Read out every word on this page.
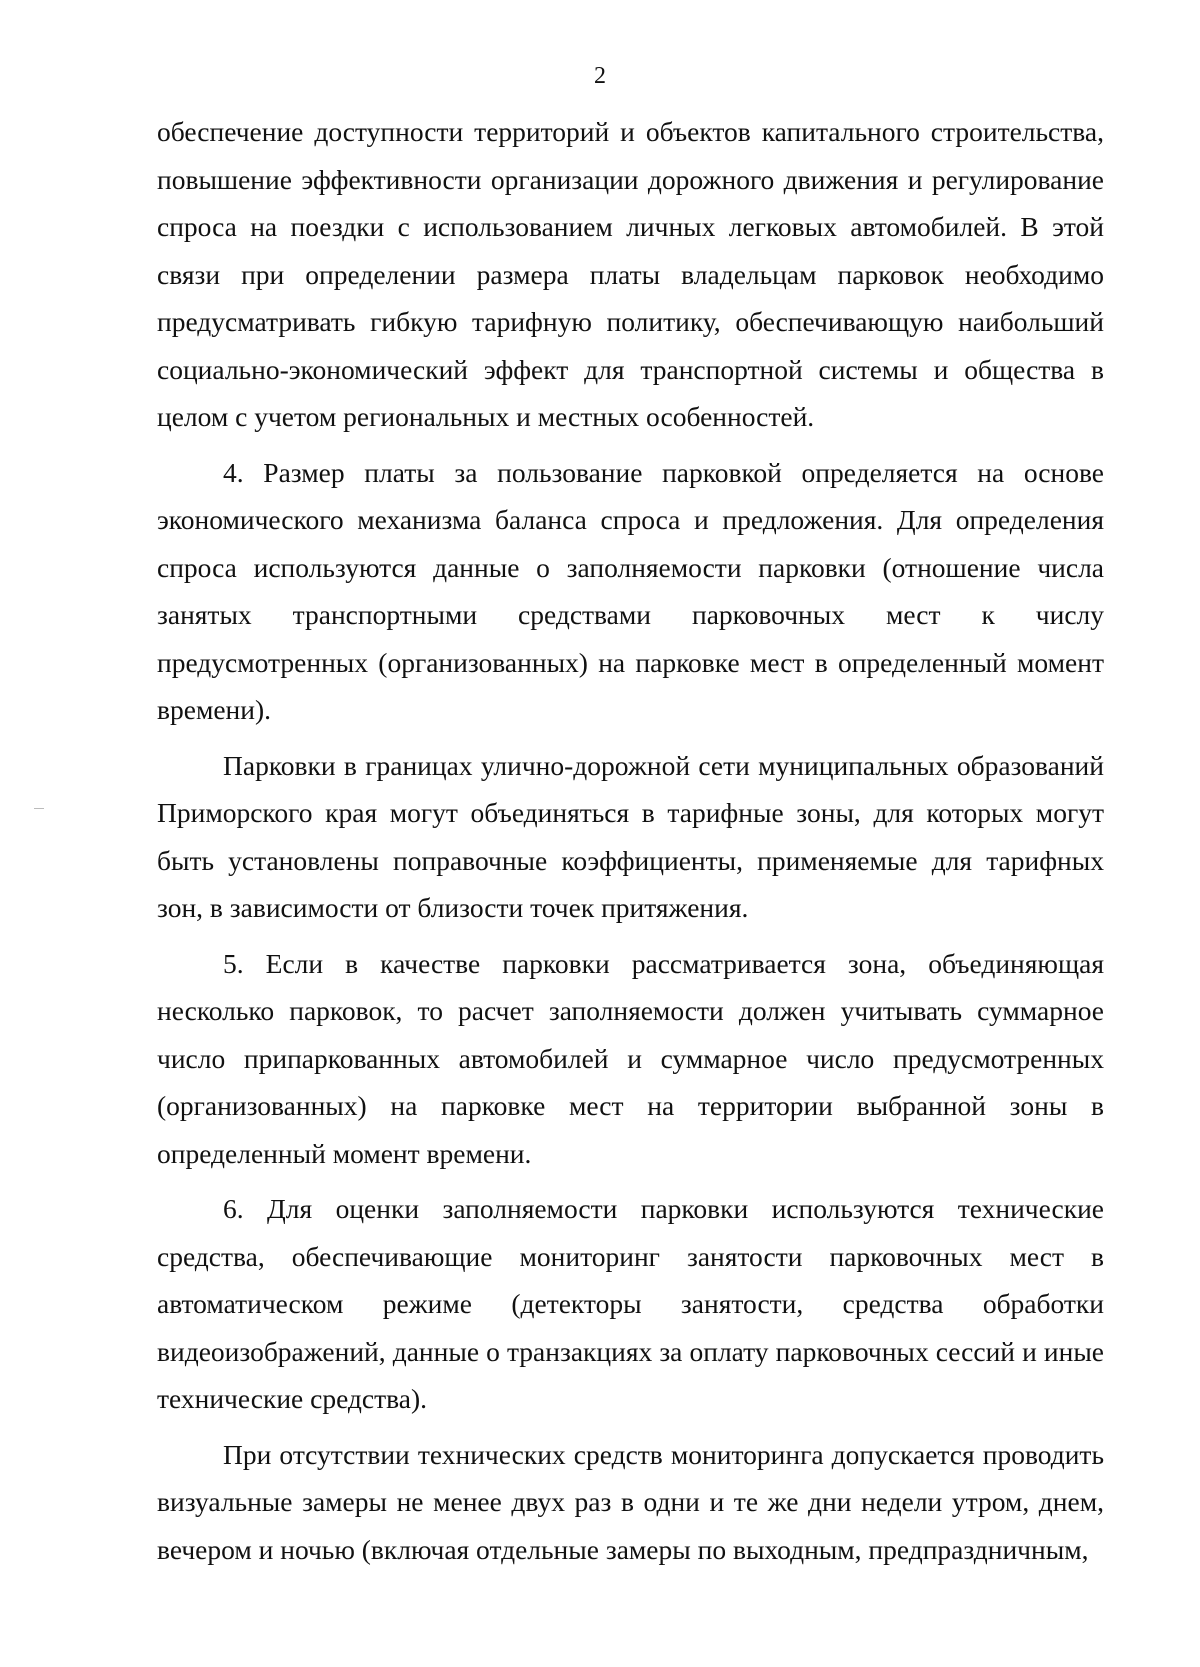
2

обеспечение доступности территорий и объектов капитального строительства, повышение эффективности организации дорожного движения и регулирование спроса на поездки с использованием личных легковых автомобилей. В этой связи при определении размера платы владельцам парковок необходимо предусматривать гибкую тарифную политику, обеспечивающую наибольший социально-экономический эффект для транспортной системы и общества в целом с учетом региональных и местных особенностей.

4. Размер платы за пользование парковкой определяется на основе экономического механизма баланса спроса и предложения. Для определения спроса используются данные о заполняемости парковки (отношение числа занятых транспортными средствами парковочных мест к числу предусмотренных (организованных) на парковке мест в определенный момент времени).

Парковки в границах улично-дорожной сети муниципальных образований Приморского края могут объединяться в тарифные зоны, для которых могут быть установлены поправочные коэффициенты, применяемые для тарифных зон, в зависимости от близости точек притяжения.

5. Если в качестве парковки рассматривается зона, объединяющая несколько парковок, то расчет заполняемости должен учитывать суммарное число припаркованных автомобилей и суммарное число предусмотренных (организованных) на парковке мест на территории выбранной зоны в определенный момент времени.

6. Для оценки заполняемости парковки используются технические средства, обеспечивающие мониторинг занятости парковочных мест в автоматическом режиме (детекторы занятости, средства обработки видеоизображений, данные о транзакциях за оплату парковочных сессий и иные технические средства).

При отсутствии технических средств мониторинга допускается проводить визуальные замеры не менее двух раз в одни и те же дни недели утром, днем, вечером и ночью (включая отдельные замеры по выходным, предпраздничным,
